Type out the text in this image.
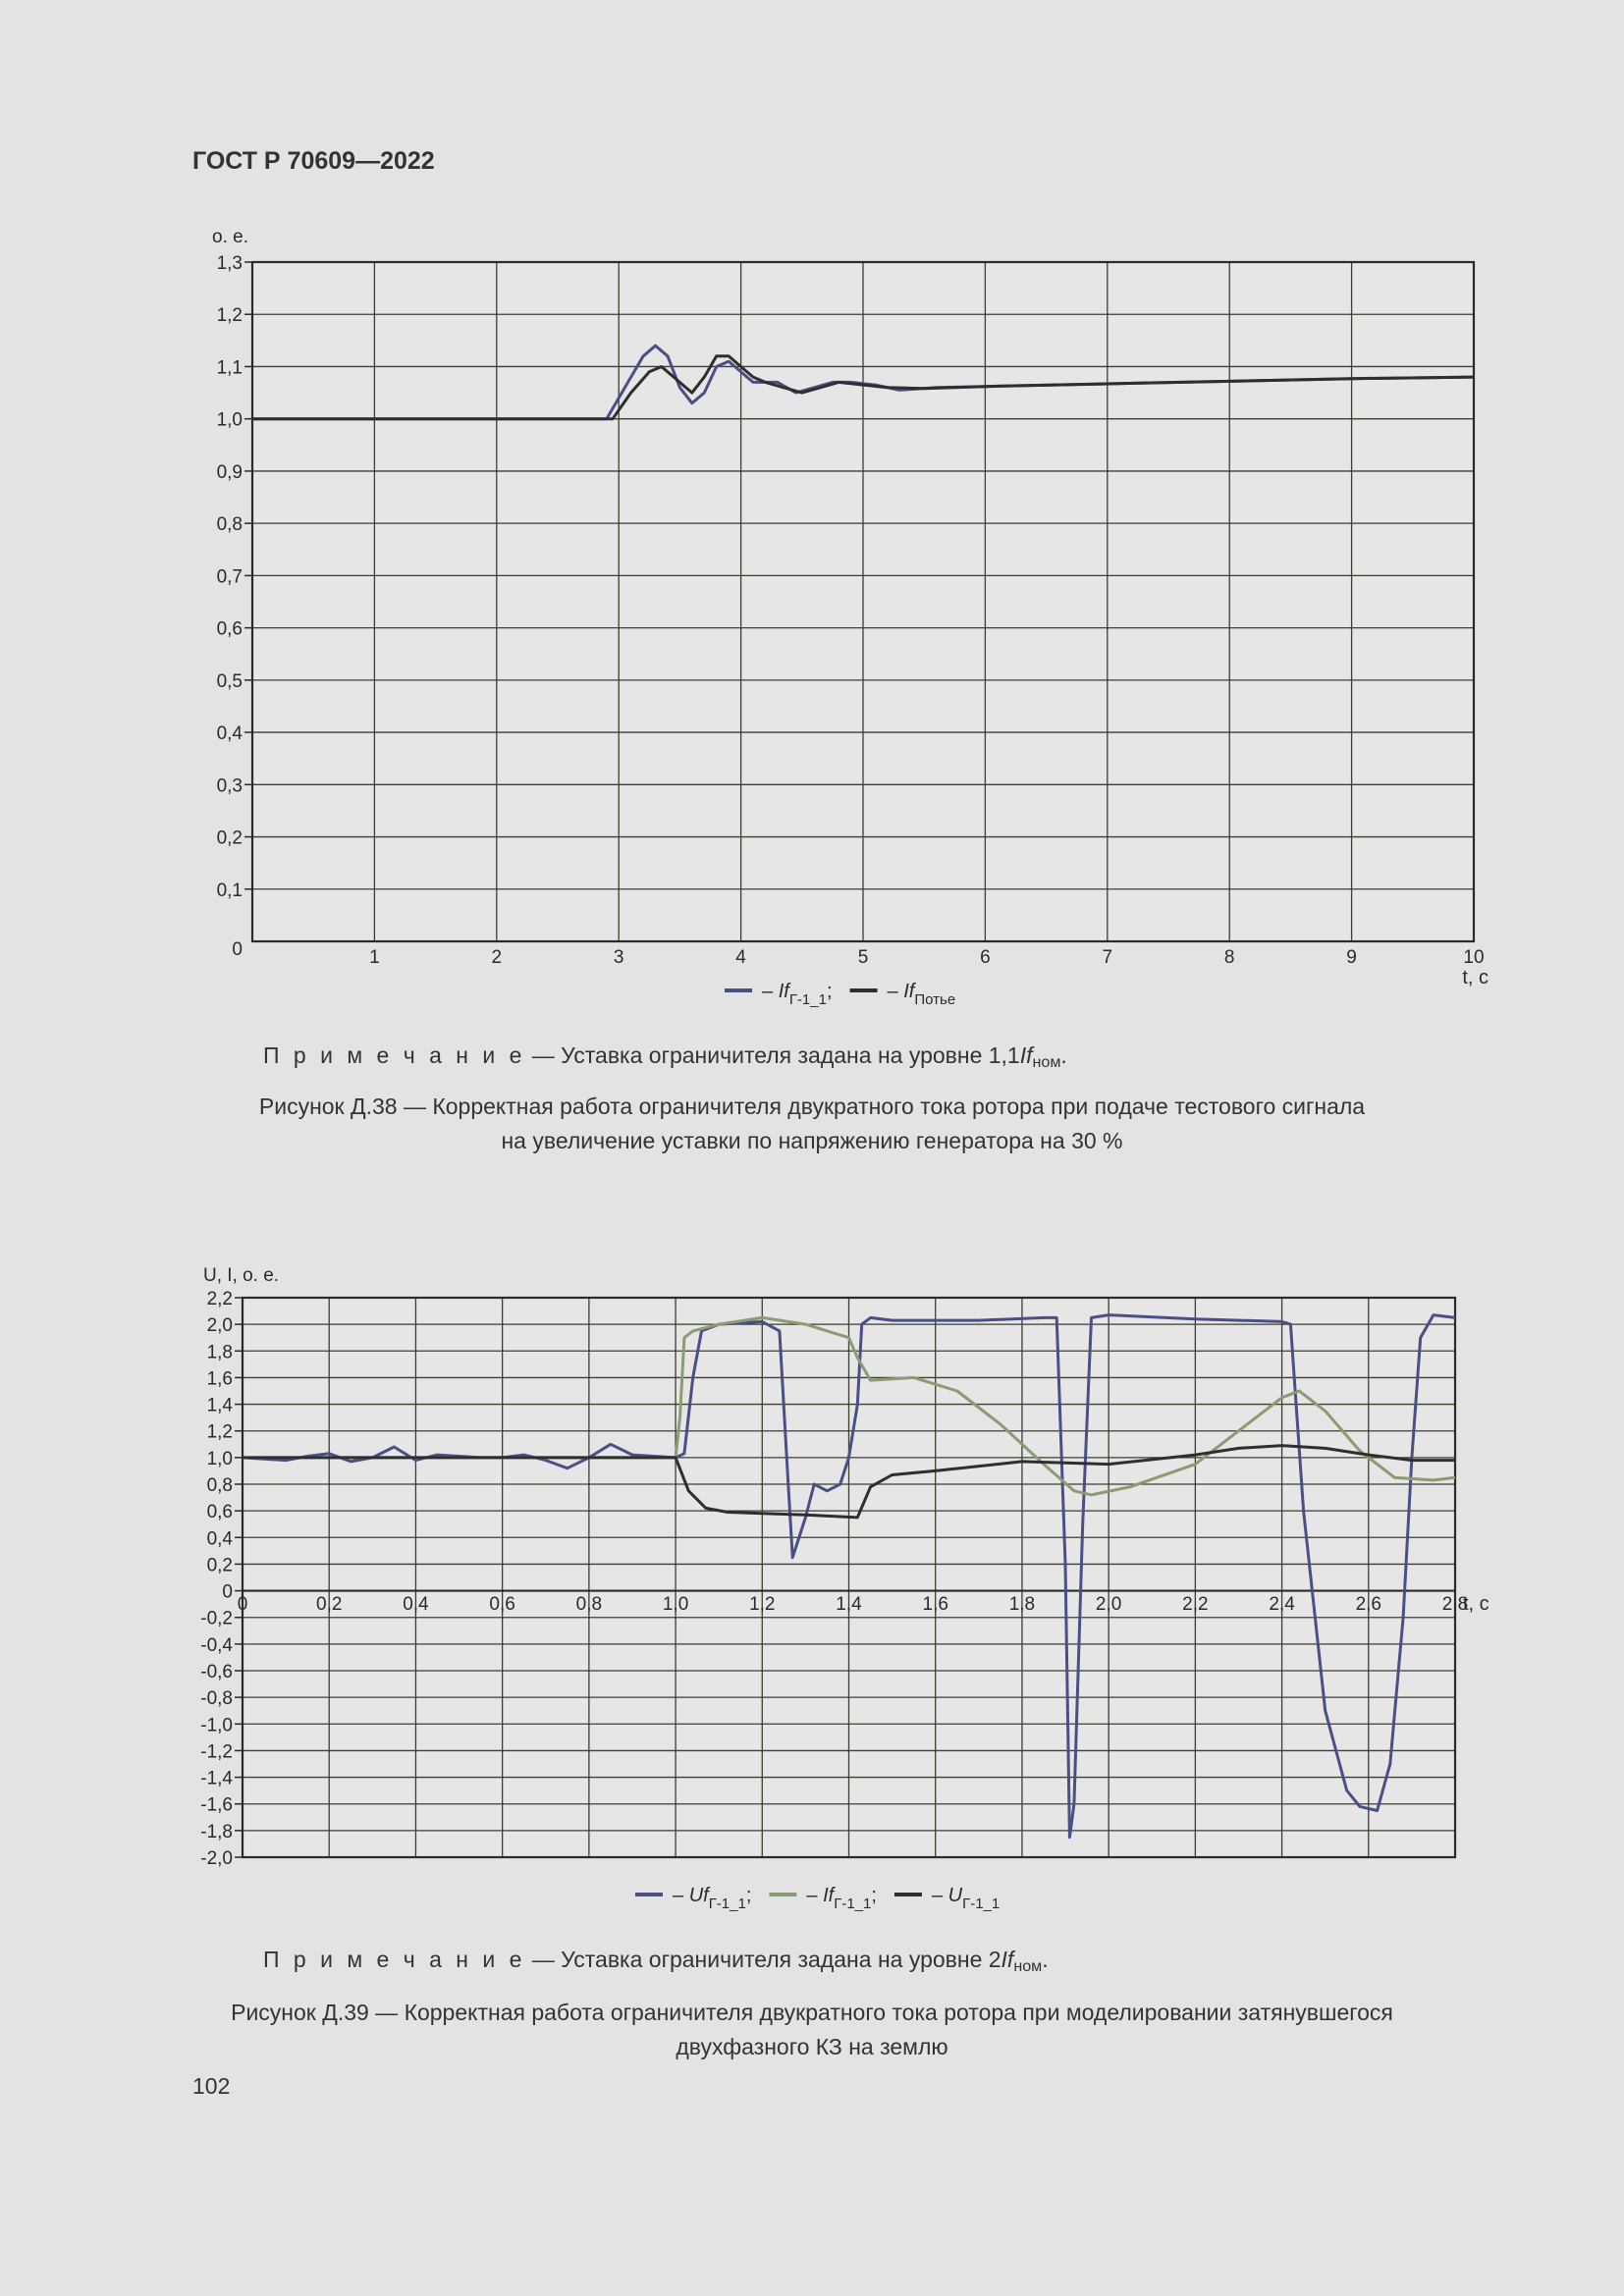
ГОСТ Р 70609—2022
0,1
0,2
0,3
0,4
0,5
0,6
0,7
0,8
0,9
1,0
1,1
1,2
1,3
0	1	2	3	4	5	6	7	8	9	10
о. е.
t, с
– $If_{Г-1\_1}$;	– $If_{Потье}$
П р и м е ч а н и е — Уставка ограничителя задана на уровне $1,1If_{ном}$.
Рисунок Д.38 — Корректная работа ограничителя двукратного тока ротора при подаче тестового сигнала
на увеличение уставки по напряжению генератора на 30 %
-2,0
-1,8
-1,6
-1,4
-1,2
-1,0
-0,8
-0,6
-0,4
-0,2
0
0,2
0,4
0,6
0,8
1,0
1,2
1,4
1,6
1,8
2,0
2,2
0	0,2	0,4	0,6	0,8	1,0	1,2	1,4	1,6	1,8	2,0	2,2	2,4	2,6	2,8
U, I, о. е.
t, с
– $Uf_{Г-1\_1}$;	– $If_{Г-1\_1}$;	– $U_{Г-1\_1}$
П р и м е ч а н и е — Уставка ограничителя задана на уровне $2If_{ном}$.
Рисунок Д.39 — Корректная работа ограничителя двукратного тока ротора при моделировании затянувшегося
двухфазного КЗ на землю
102
